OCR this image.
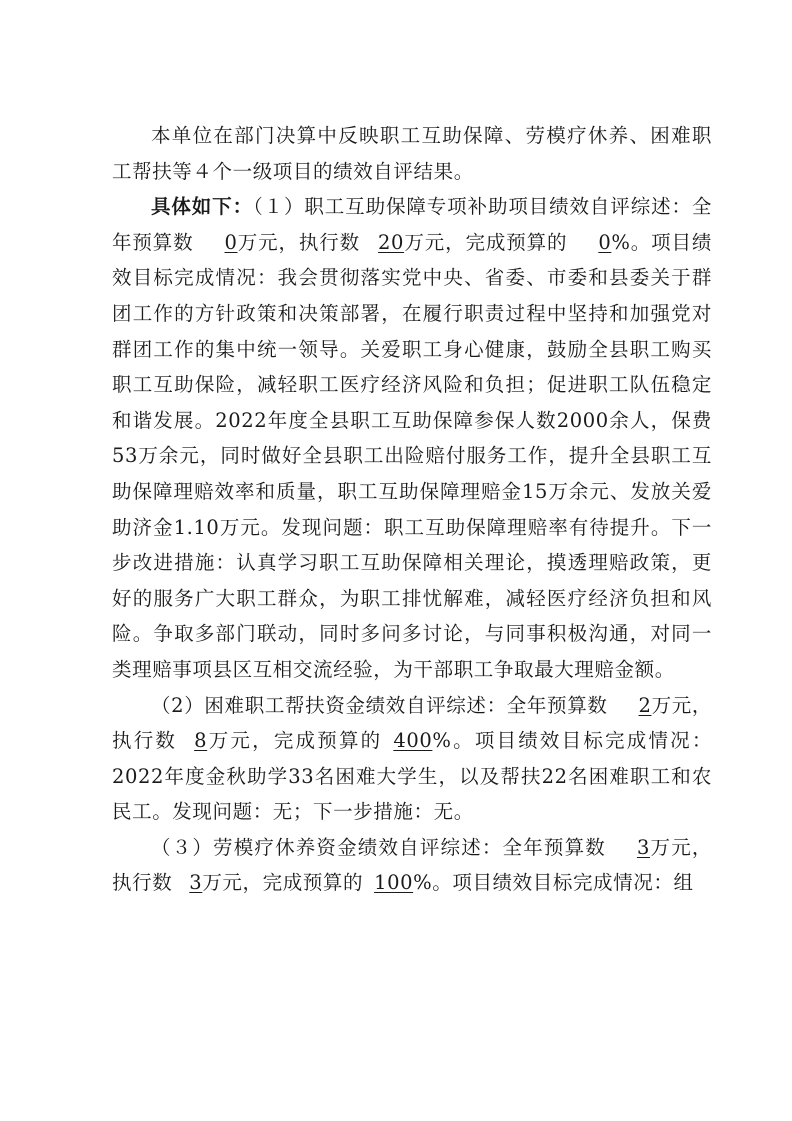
本单位在部门决算中反映职工互助保障、劳模疗休养、困难职工帮扶等４个一级项目的绩效自评结果。

具体如下：（１）职工互助保障专项补助项目绩效自评综述：全年预算数 0万元，执行数 20万元，完成预算的 0%。项目绩效目标完成情况：我会贯彻落实党中央、省委、市委和县委关于群团工作的方针政策和决策部署，在履行职责过程中坚持和加强党对群团工作的集中统一领导。关爱职工身心健康，鼓励全县职工购买职工互助保险，减轻职工医疗经济风险和负担；促进职工队伍稳定和谐发展。2022年度全县职工互助保障参保人数2000余人，保费53万余元，同时做好全县职工出险赔付服务工作，提升全县职工互助保障理赔效率和质量，职工互助保障理赔金15万余元、发放关爱助济金1.10万元。发现问题：职工互助保障理赔率有待提升。下一步改进措施：认真学习职工互助保障相关理论，摸透理赔政策，更好的服务广大职工群众，为职工排忧解难，减轻医疗经济负担和风险。争取多部门联动，同时多问多讨论，与同事积极沟通，对同一类理赔事项县区互相交流经验，为干部职工争取最大理赔金额。

（2）困难职工帮扶资金绩效自评综述：全年预算数 2万元，执行数 8万元，完成预算的 400%。项目绩效目标完成情况：2022年度金秋助学33名困难大学生，以及帮扶22名困难职工和农民工。发现问题：无；下一步措施：无。

（３）劳模疗休养资金绩效自评综述：全年预算数 3万元，执行数 3万元，完成预算的 100%。项目绩效目标完成情况：组
